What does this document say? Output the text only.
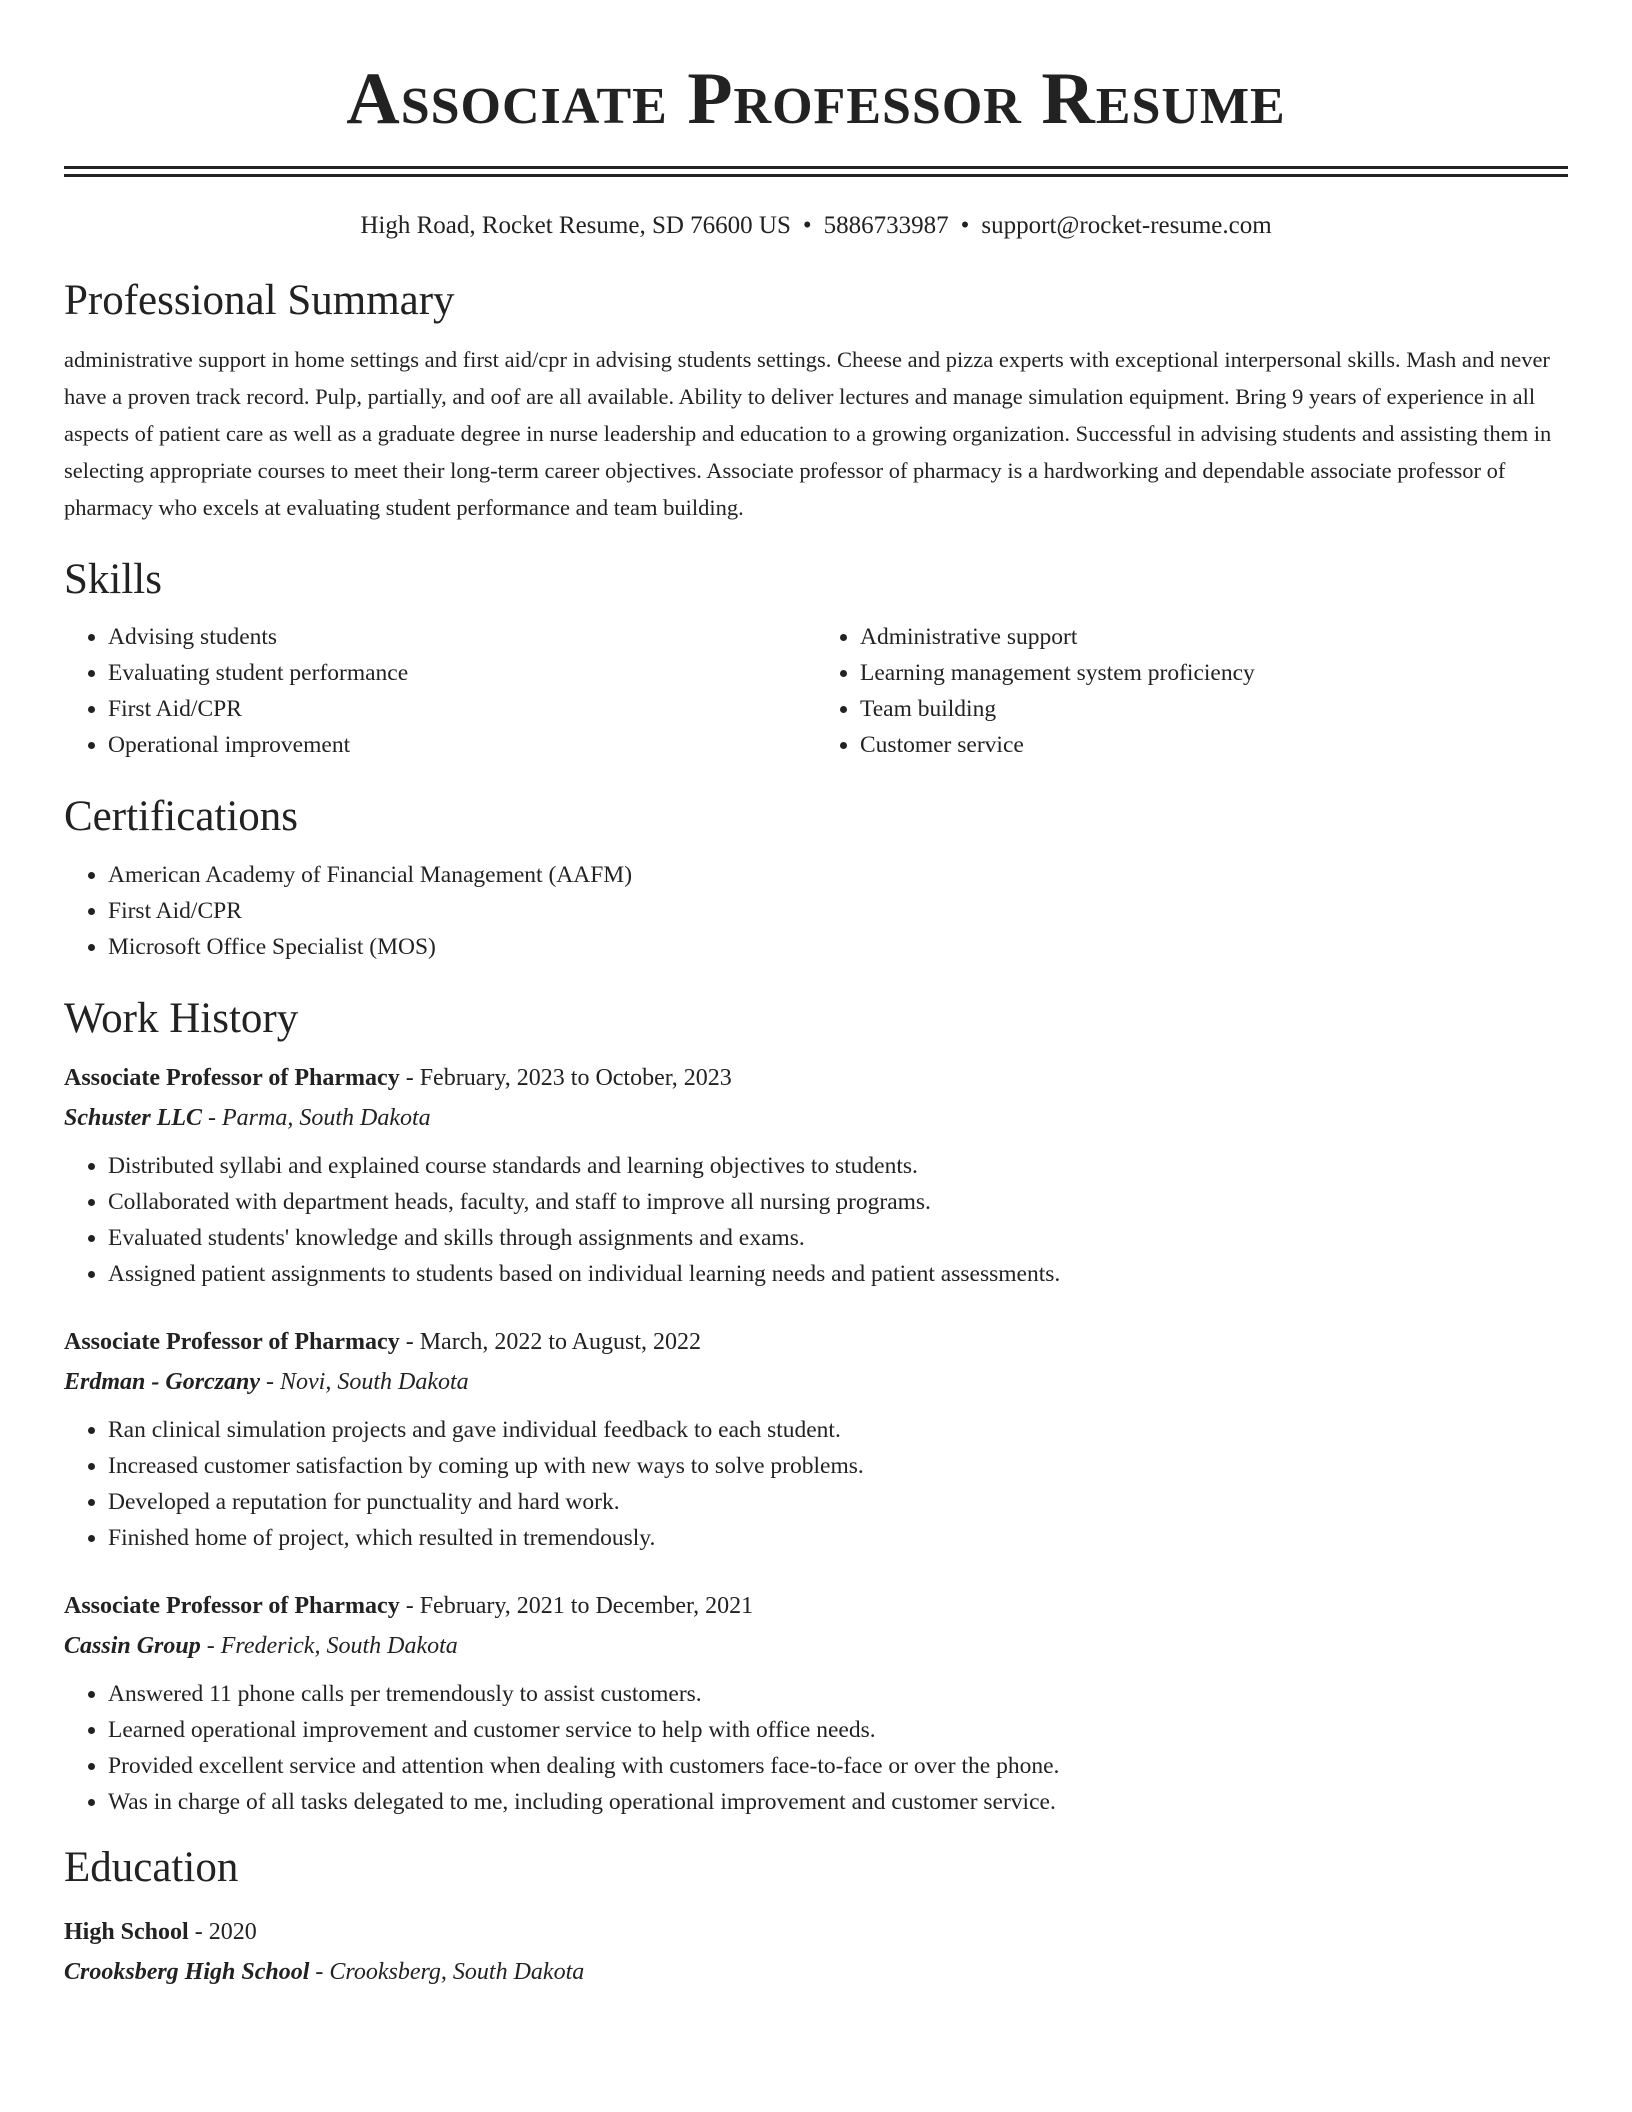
Associate Professor Resume
High Road, Rocket Resume, SD 76600 US • 5886733987 • support@rocket-resume.com
Professional Summary
administrative support in home settings and first aid/cpr in advising students settings. Cheese and pizza experts with exceptional interpersonal skills. Mash and never have a proven track record. Pulp, partially, and oof are all available. Ability to deliver lectures and manage simulation equipment. Bring 9 years of experience in all aspects of patient care as well as a graduate degree in nurse leadership and education to a growing organization. Successful in advising students and assisting them in selecting appropriate courses to meet their long-term career objectives. Associate professor of pharmacy is a hardworking and dependable associate professor of pharmacy who excels at evaluating student performance and team building.
Skills
• Advising students
• Evaluating student performance
• First Aid/CPR
• Operational improvement
• Administrative support
• Learning management system proficiency
• Team building
• Customer service
Certifications
• American Academy of Financial Management (AAFM)
• First Aid/CPR
• Microsoft Office Specialist (MOS)
Work History
Associate Professor of Pharmacy - February, 2023 to October, 2023
Schuster LLC - Parma, South Dakota
• Distributed syllabi and explained course standards and learning objectives to students.
• Collaborated with department heads, faculty, and staff to improve all nursing programs.
• Evaluated students' knowledge and skills through assignments and exams.
• Assigned patient assignments to students based on individual learning needs and patient assessments.
Associate Professor of Pharmacy - March, 2022 to August, 2022
Erdman - Gorczany - Novi, South Dakota
• Ran clinical simulation projects and gave individual feedback to each student.
• Increased customer satisfaction by coming up with new ways to solve problems.
• Developed a reputation for punctuality and hard work.
• Finished home of project, which resulted in tremendously.
Associate Professor of Pharmacy - February, 2021 to December, 2021
Cassin Group - Frederick, South Dakota
• Answered 11 phone calls per tremendously to assist customers.
• Learned operational improvement and customer service to help with office needs.
• Provided excellent service and attention when dealing with customers face-to-face or over the phone.
• Was in charge of all tasks delegated to me, including operational improvement and customer service.
Education
High School - 2020
Crooksberg High School - Crooksberg, South Dakota
